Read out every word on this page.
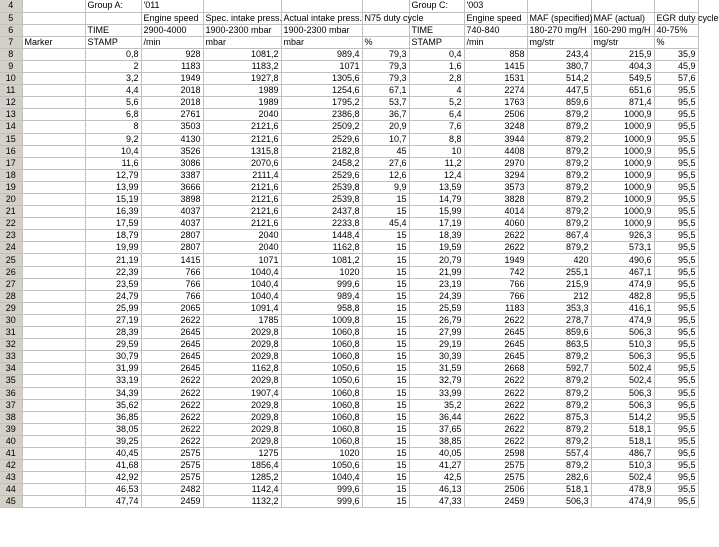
4		Group A:	'011				Group C:	'003			
5			Engine speed	Spec. intake press.	Actual intake press.	N75 duty cycle		Engine speed	MAF (specified)	MAF (actual)	EGR duty cycle
6		TIME	2900-4000	1900-2300 mbar	1900-2300 mbar		TIME	740-840	180-270 mg/H	160-290 mg/H	40-75%
7	Marker	STAMP	/min	mbar	mbar	%	STAMP	/min	mg/str	mg/str	%
8		0,8	928	1081,2	989,4	79,3	0,4	858	243,4	215,9	35,9
9		2	1183	1183,2	1071	79,3	1,6	1415	380,7	404,3	45,9
10		3,2	1949	1927,8	1305,6	79,3	2,8	1531	514,2	549,5	57,6
11		4,4	2018	1989	1254,6	67,1	4	2274	447,5	651,6	95,5
12		5,6	2018	1989	1795,2	53,7	5,2	1763	859,6	871,4	95,5
13		6,8	2761	2040	2386,8	36,7	6,4	2506	879,2	1000,9	95,5
14		8	3503	2121,6	2509,2	20,9	7,6	3248	879,2	1000,9	95,5
15		9,2	4130	2121,6	2529,6	10,7	8,8	3944	879,2	1000,9	95,5
16		10,4	3526	1315,8	2182,8	45	10	4408	879,2	1000,9	95,5
17		11,6	3086	2070,6	2458,2	27,6	11,2	2970	879,2	1000,9	95,5
18		12,79	3387	2111,4	2529,6	12,6	12,4	3294	879,2	1000,9	95,5
19		13,99	3666	2121,6	2539,8	9,9	13,59	3573	879,2	1000,9	95,5
20		15,19	3898	2121,6	2539,8	15	14,79	3828	879,2	1000,9	95,5
21		16,39	4037	2121,6	2437,8	15	15,99	4014	879,2	1000,9	95,5
22		17,59	4037	2121,6	2233,8	45,4	17,19	4060	879,2	1000,9	95,5
23		18,79	2807	2040	1448,4	15	18,39	2622	867,4	926,3	95,5
24		19,99	2807	2040	1162,8	15	19,59	2622	879,2	573,1	95,5
25		21,19	1415	1071	1081,2	15	20,79	1949	420	490,6	95,5
26		22,39	766	1040,4	1020	15	21,99	742	255,1	467,1	95,5
27		23,59	766	1040,4	999,6	15	23,19	766	215,9	474,9	95,5
28		24,79	766	1040,4	989,4	15	24,39	766	212	482,8	95,5
29		25,99	2065	1091,4	958,8	15	25,59	1183	353,3	416,1	95,5
30		27,19	2622	1785	1009,8	15	26,79	2622	278,7	474,9	95,5
31		28,39	2645	2029,8	1060,8	15	27,99	2645	859,6	506,3	95,5
32		29,59	2645	2029,8	1060,8	15	29,19	2645	863,5	510,3	95,5
33		30,79	2645	2029,8	1060,8	15	30,39	2645	879,2	506,3	95,5
34		31,99	2645	1162,8	1050,6	15	31,59	2668	592,7	502,4	95,5
35		33,19	2622	2029,8	1050,6	15	32,79	2622	879,2	502,4	95,5
36		34,39	2622	1907,4	1060,8	15	33,99	2622	879,2	506,3	95,5
37		35,62	2622	2029,8	1060,8	15	35,2	2622	879,2	506,3	95,5
38		36,85	2622	2029,8	1060,8	15	36,44	2622	875,3	514,2	95,5
39		38,05	2622	2029,8	1060,8	15	37,65	2622	879,2	518,1	95,5
40		39,25	2622	2029,8	1060,8	15	38,85	2622	879,2	518,1	95,5
41		40,45	2575	1275	1020	15	40,05	2598	557,4	486,7	95,5
42		41,68	2575	1856,4	1050,6	15	41,27	2575	879,2	510,3	95,5
43		42,92	2575	1285,2	1040,4	15	42,5	2575	282,6	502,4	95,5
44		46,53	2482	1142,4	999,6	15	46,13	2506	518,1	478,9	95,5
45		47,74	2459	1132,2	999,6	15	47,33	2459	506,3	474,9	95,5
